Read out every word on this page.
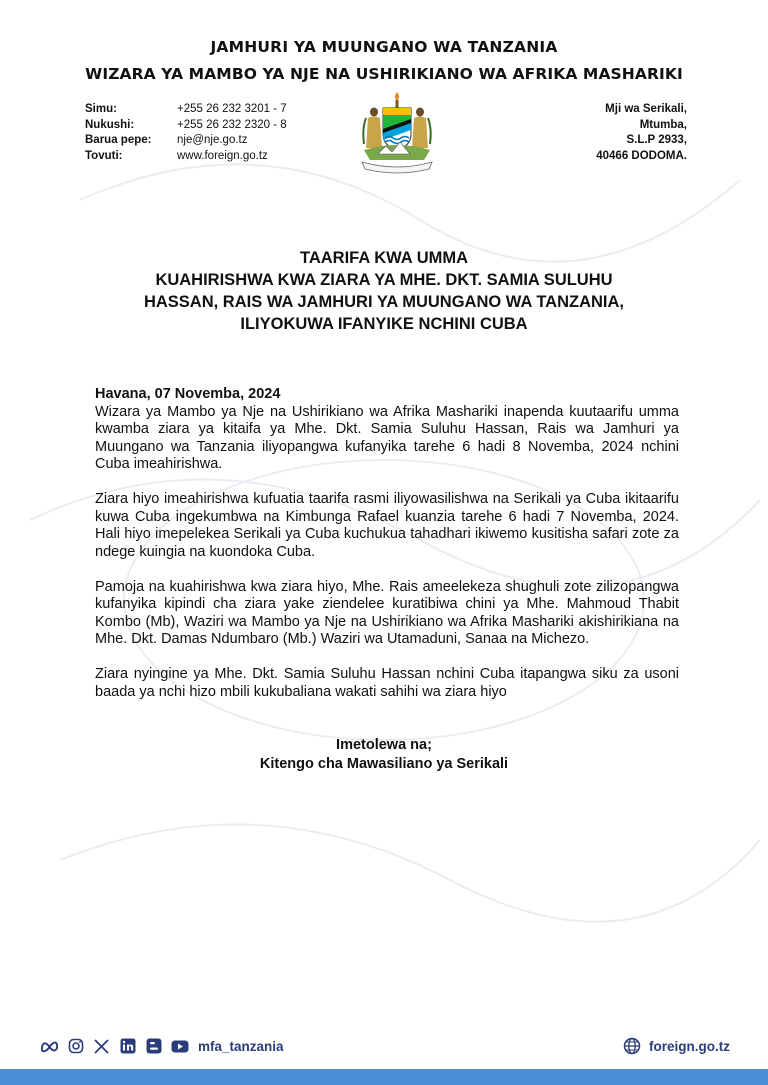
JAMHURI YA MUUNGANO WA TANZANIA
WIZARA YA MAMBO YA NJE NA USHIRIKIANO WA AFRIKA MASHARIKI
Simu:	+255 26 232 3201 - 7
Nukushi:	+255 26 232 2320 - 8
Barua pepe:	nje@nje.go.tz
Tovuti:	www.foreign.go.tz
Mji wa Serikali,
Mtumba,
S.L.P 2933,
40466 DODOMA.
TAARIFA KWA UMMA
KUAHIRISHWA KWA ZIARA YA MHE. DKT. SAMIA SULUHU
HASSAN, RAIS WA JAMHURI YA MUUNGANO WA TANZANIA,
ILIYOKUWA IFANYIKE NCHINI CUBA

Havana, 07 Novemba, 2024

Wizara ya Mambo ya Nje na Ushirikiano wa Afrika Mashariki inapenda kuutaarifu umma kwamba ziara ya kitaifa ya Mhe. Dkt. Samia Suluhu Hassan, Rais wa Jamhuri ya Muungano wa Tanzania iliyopangwa kufanyika tarehe 6 hadi 8 Novemba, 2024 nchini Cuba imeahirishwa.

Ziara hiyo imeahirishwa kufuatia taarifa rasmi iliyowasilishwa na Serikali ya Cuba ikitaarifu kuwa Cuba ingekumbwa na Kimbunga Rafael kuanzia tarehe 6 hadi 7 Novemba, 2024. Hali hiyo imepelekea Serikali ya Cuba kuchukua tahadhari ikiwemo kusitisha safari zote za ndege kuingia na kuondoka Cuba.

Pamoja na kuahirishwa kwa ziara hiyo, Mhe. Rais ameelekeza shughuli zote zilizopangwa kufanyika kipindi cha ziara yake ziendelee kuratibiwa chini ya Mhe. Mahmoud Thabit Kombo (Mb), Waziri wa Mambo ya Nje na Ushirikiano wa Afrika Mashariki akishirikiana na Mhe. Dkt. Damas Ndumbaro (Mb.) Waziri wa Utamaduni, Sanaa na Michezo.

Ziara nyingine ya Mhe. Dkt. Samia Suluhu Hassan nchini Cuba itapangwa siku za usoni baada ya nchi hizo mbili kukubaliana wakati sahihi wa ziara hiyo

Imetolewa na;
Kitengo cha Mawasiliano ya Serikali
mfa_tanzania	foreign.go.tz
